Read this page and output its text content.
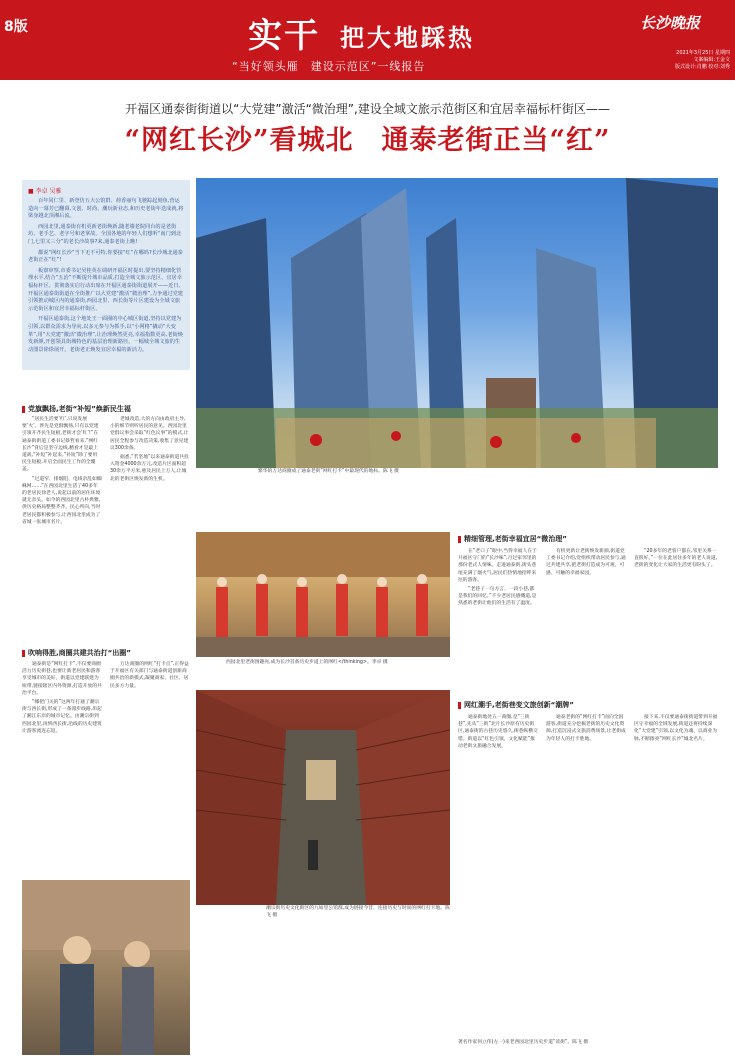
8版	实干 把大地踩热
“当好领头雁　建设示范区”一线报告
长沙晚报
2021年3月25日 星期四
文案编辑:王金文
版式设计:肖鹏 校对:刘秀
开福区通泰街街道以“大党建”激活“微治理”,建设全域文旅示范街区和宜居幸福标杆街区——
“网红长沙”看城北　通泰老街正当“红”
■ 李卓 吴雅

百年同仁里、新登仿五大公馆群、荷香丽句飞驰踪起刻鱼,营运造向一幕芳已翻幕,文创、时尚、潮玩新业态,和历史老街年迭成就,将梁身越北顶湘后流。

西园北里,通泰街有机更新老街焕新,随老墙老院同台的是老街坊、老手艺、老字号和老掌故。全国各地的年轻人们想听“南门到北门,七里又三分”的老长沙故事?来,通泰老街上瞧!

都说“网红长沙”当下无不可特,你要接“红”在哪吗?长沙城北通泰老街正在“红”!

板寮审察,市委书记吴桂英在调研开福区时提出,要坚持精细化管理水平,结合“五治”不断提升城市品质,打造全城文旅示范区、宜居幸福标杆区。贯彻落实启行动出席在开福区通泰街街道展开——近日,开福区通泰街街道在全街推广以大党建“激活”微治理”,力争通过党建引领推动城区内的通泰街,西园北里、西长街等片区建设为全域文旅示范街区和宜居幸福标杆街区。

开福区通泰街,这个地处王一面圈的中心城区街道,坚持以党建为引领,以群众需求为导向,以多元参与为抓手,以“小网格”撬动“大变革”,用“大党建”激活“微治理”,让治理焕然更亮,幸福指数更高,老街焕发新颜,开创领具街城特色的基层治理新路径。一幅城全城文旅的生动图景徐徐展开。老街老正焕发宜居幸福的新活力。

繁华的万达商圈成了通泰老街“网红打卡”中最现代的地标。陈飞 摄
党旗飘扬,老街“补短”焕新民生福

“居民生活要‘红’,只说发展要‘火’。涉先是党群飘扬,只有以党建引领开齐民生短板,老街才会‘红’!”在通泰街街道工委书记蔡哲看来,“网红长沙”背后是坚守边线,精看才是最上道战,“补短”补起来,“补短”除了要用民生短板,开启全面民生工作的全覆盖。

“过道窄、排烟阻、电线杂乱如蜘蛛网……”在西园北里生活了40多年的老居民徐老人,说起以前的居住环境就无奈头。如今的西园北里古朴典雅,供历史格局整整齐齐。民心所向,当时老居民都积极参与,让西园北里成为了省城一张城市名片。

老城改造,大的方向由政府主导,小的细节则听居民的意见。西园北里党群议事会采取“红色议事”的模式,让居民全程参与改造决策,收集了意见建议300余条。

据悉,“若坚地”以来通泰街道共投入资金4000余万元,改造片区面积超30余万平方米,惠及居民上万人,让城北的老街区焕发新的生机。

西园北里老街围趣亮,成为长沙首条历史步道上的网红</thinking>。李卓 摄
吹响得胜,商圈共建共治打“出圈”

通泰街是“网红打卡”,不仅要商圈活力历史街巷,也要让新老居民和游客享受城市的美好。街道以党建联建为纽带,链接辖区内外资源,打造开放的共治平台。

“哪把门关的”这两年打通了潮宗街与西长街,形成了一条漫步线路,串起了湘江东岸的城市记忆。由潮宗街到西园北里,再到西长街,沿线的历史建筑让游客流连忘返。

万达商圈的网红“打卡点”,正得益于开福区有关部门与通泰街道创新商圈共治的新模式,凝聚商家、社区、居民多方力量。

潮宗街历史文化街区的九如里公馆群,成为链接今昔、连接历史与时尚的网红打卡地。陈飞 摄
著名作家何立伟(左一)来老西园北里历史步道“读街”。陈飞 摄
精细管理,老街幸福宜居“微治理”

在“老口子”眼中,当得幸福人在于开福区守门的“长沙味”,月过家邻里的那份老式人情味。走进通泰街,街头巷尾充满了烟火气,居民们热情地招呼来往的游客。

“老巷子一句方言、一段小巷,都是我们的回忆。”不少老居民感慨道,是熟悉的老街让他们的生活有了温度。

有机更新让老街焕发新颜,街道党工委书记介绍,党组织带动居民参与,通过共建共享,把老街打造成为可观、可感、可触的幸福家园。

“20多年的老客户都在,邻里关系一直很好。”一位在此居住多年的老人说道,老街的变化让大家的生活更有盼头了。

网红潮手,老街巷变文旅创新“潮牌”

通泰街地处五一商圈,是“三街巷”,先从“三街”北片长沙原有历史街区,通泰街的古巷历史悠久,街巷纵横交错。街道以“红色引领、文化赋能”推动老街文旅融合发展。

通泰老街的“网红打卡”面向全国游客,街道充分挖掘老街的历史文化资源,打造沉浸式文旅消费场景,让老街成为年轻人的打卡胜地。

接下来,不仅要通泰街街道带到开福区守幸福的全域发展,街道还将持续深化“大党建”引领,以文化为魂、以商业为脉,不断擦亮“网红长沙”城北名片。
